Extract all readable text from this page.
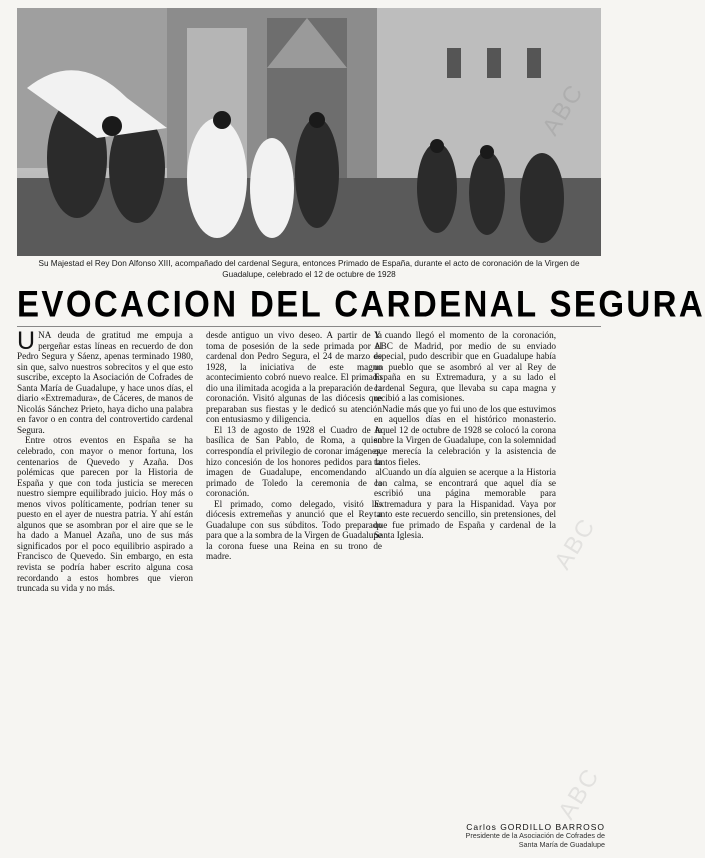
Su Majestad el Rey Don Alfonso XIII, acompañado del cardenal Segura, entonces Primado de España, durante el acto de coronación de la Virgen de Guadalupe, celebrado el 12 de octubre de 1928
EVOCACION DEL CARDENAL SEGURA

UNA deuda de gratitud me empuja a pergeñar estas líneas en recuerdo de don Pedro Segura y Sáenz, apenas terminado 1980, sin que, salvo nuestros sobrecitos y el que esto suscribe, excepto la Asociación de Cofrades de Santa María de Guadalupe, y hace unos días, el diario «Extremadura», de Cáceres, de manos de Nicolás Sánchez Prieto, haya dicho una palabra en favor o en contra del controvertido cardenal Segura.

Entre otros eventos en España se ha celebrado, con mayor o menor fortuna, los centenarios de Quevedo y Azaña. Dos polémicas que parecen por la Historia de España y que con toda justicia se merecen nuestro siempre equilibrado juicio. Hoy más o menos vivos políticamente, podrían tener su puesto en el ayer de nuestra patria. Y ahí están algunos que se asombran por el aire que se le ha dado a Manuel Azaña, uno de sus más significados por el poco equilibrio aspirado a Francisco de Quevedo. Sin embargo, en esta revista se podría haber escrito alguna cosa recordando a estos hombres que vieron truncada su vida y no más.

desde antiguo un vivo deseo. A partir de la toma de posesión de la sede primada por el cardenal don Pedro Segura, el 24 de marzo de 1928, la iniciativa de este magno acontecimiento cobró nuevo realce. El primado dio una ilimitada acogida a la preparación de la coronación. Visitó algunas de las diócesis que preparaban sus fiestas y le dedicó su atención con entusiasmo y diligencia.

El 13 de agosto de 1928 el Cuadro de la basílica de San Pablo, de Roma, a quien correspondía el privilegio de coronar imágenes, hizo concesión de los honores pedidos para la imagen de Guadalupe, encomendando al primado de Toledo la ceremonia de la coronación.

El primado, como delegado, visitó las diócesis extremeñas y anunció que el Rey a Guadalupe con sus súbditos. Todo preparado para que a la sombra de la Virgen de Guadalupe la corona fuese una Reina en su trono de madre.

Y cuando llegó el momento de la coronación, ABC de Madrid, por medio de su enviado especial, pudo describir que en Guadalupe había un pueblo que se asombró al ver al Rey de España en su Extremadura, y a su lado el cardenal Segura, que llevaba su capa magna y recibió a las comisiones.

Nadie más que yo fui uno de los que estuvimos en aquellos días en el histórico monasterio. Aquel 12 de octubre de 1928 se colocó la corona sobre la Virgen de Guadalupe, con la solemnidad que merecía la celebración y la asistencia de tantos fieles.

Cuando un día alguien se acerque a la Historia con calma, se encontrará que aquel día se escribió una página memorable para Extremadura y para la Hispanidad. Vaya por tanto este recuerdo sencillo, sin pretensiones, del que fue primado de España y cardenal de la Santa Iglesia.

Carlos GORDILLO BARROSO
Presidente de la Asociación de Cofrades de Santa María de Guadalupe
ABC
ABC
ABC
